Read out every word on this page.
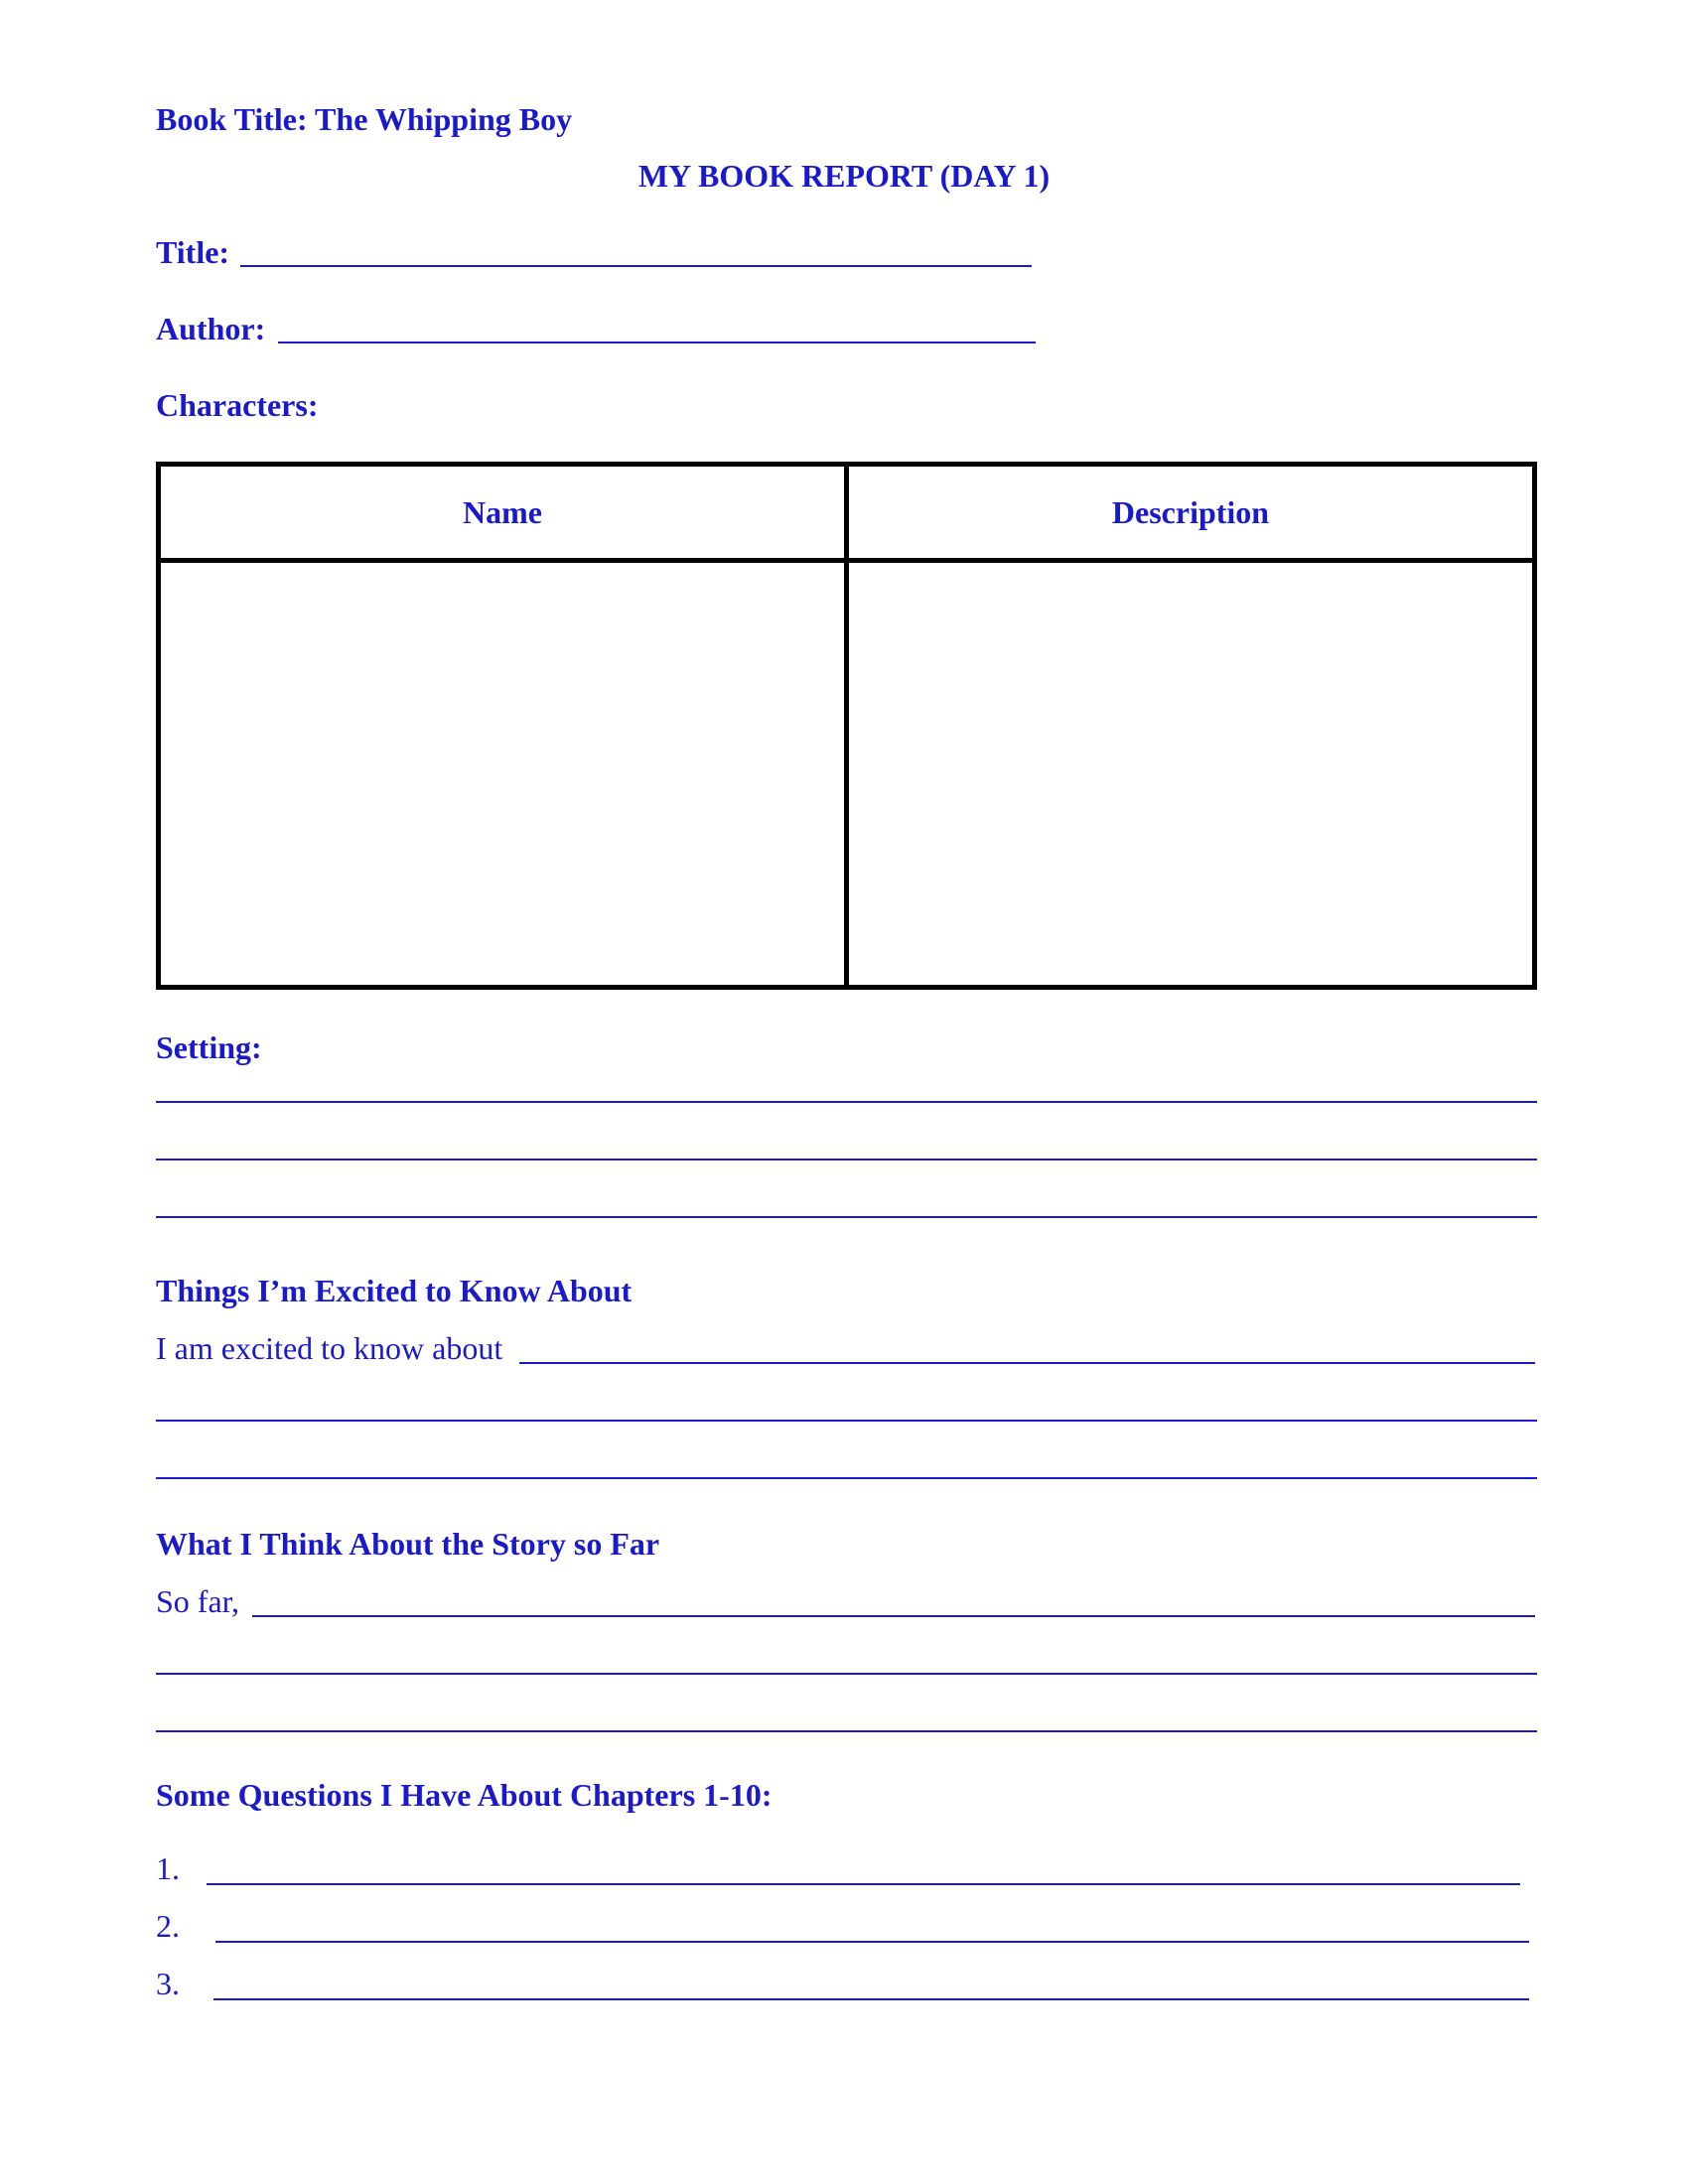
Book Title: The Whipping Boy
MY BOOK REPORT (DAY 1)
Title:
Author:
Characters:
Name	Description
Setting:
Things I’m Excited to Know About
I am excited to know about
What I Think About the Story so Far
So far,
Some Questions I Have About Chapters 1-10:
1.
2.
3.
